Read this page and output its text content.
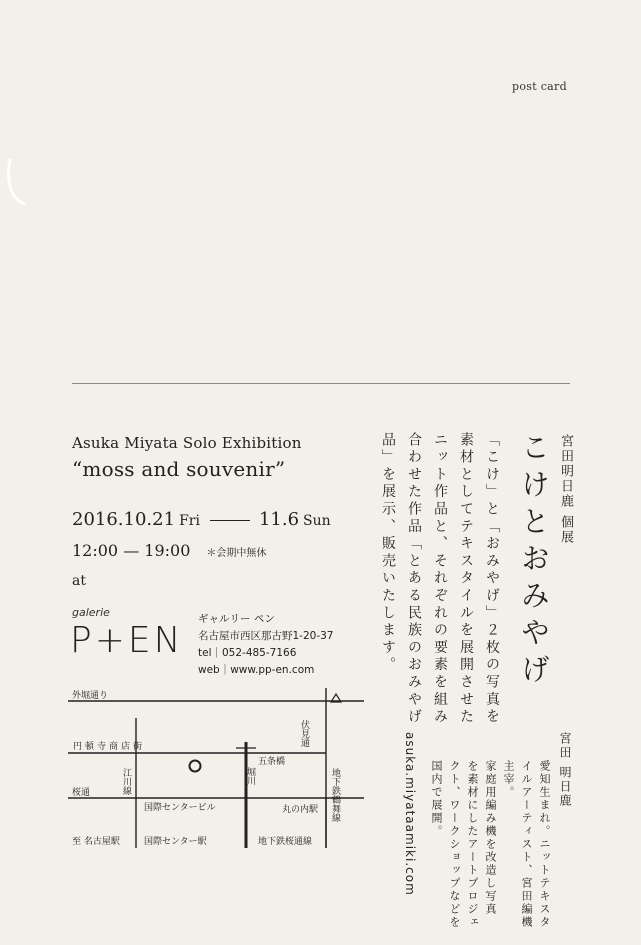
post card
Asuka Miyata Solo Exhibition
“moss and souvenir”
2016.10.21 Fri	11.6 Sun
12:00 — 19:00 ＊会期中無休
at
galerie
P+EN
ギャルリー ペン
名古屋市西区那古野1-20-37
tel｜052-485-7166
web｜www.pp-en.com
外堀通り
円頓寺商店街	伏見通
堀川
江川線
五条橋
地下鉄鶴舞線
桜通
国際センタービル	丸の内駅
至 名古屋駅	国際センター駅	地下鉄桜通線
宮田明日鹿 個展
こけとおみやげ
「こけ」と「おみやげ」２枚の写真を
素材としてテキスタイルを展開させた
ニット作品と、それぞれの要素を組み
合わせた作品「とある民族のおみやげ
品」を展示、販売いたします。
宮田 明日鹿
愛知生まれ。ニットテキスタ
イルアーティスト、宮田編機
主宰。
家庭用編み機を改造し写真
を素材にしたアートプロジェ
クト、ワークショップなどを
国内で展開。
asuka.miyataamiki.com
